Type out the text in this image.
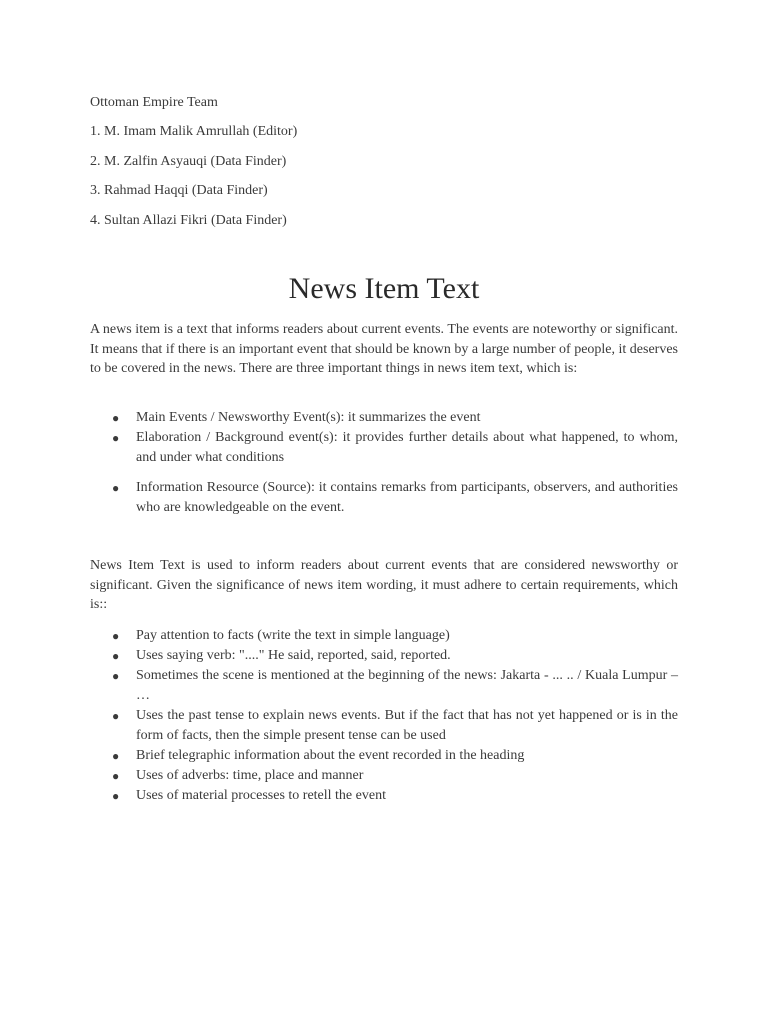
Ottoman Empire Team

1. M. Imam Malik Amrullah (Editor)

2. M. Zalfin Asyauqi (Data Finder)

3. Rahmad Haqqi (Data Finder)

4. Sultan Allazi Fikri (Data Finder)

News Item Text

A news item is a text that informs readers about current events. The events are noteworthy or significant. It means that if there is an important event that should be known by a large number of people, it deserves to be covered in the news. There are three important things in news item text, which is:

● Main Events / Newsworthy Event(s): it summarizes the event
● Elaboration / Background event(s): it provides further details about what happened, to whom, and under what conditions
● Information Resource (Source): it contains remarks from participants, observers, and authorities who are knowledgeable on the event.

News Item Text is used to inform readers about current events that are considered newsworthy or significant. Given the significance of news item wording, it must adhere to certain requirements, which is::

● Pay attention to facts (write the text in simple language)
● Uses saying verb: "...." He said, reported, said, reported.
● Sometimes the scene is mentioned at the beginning of the news: Jakarta - ... .. / Kuala Lumpur – …
● Uses the past tense to explain news events. But if the fact that has not yet happened or is in the form of facts, then the simple present tense can be used
● Brief telegraphic information about the event recorded in the heading
● Uses of adverbs: time, place and manner
● Uses of material processes to retell the event
